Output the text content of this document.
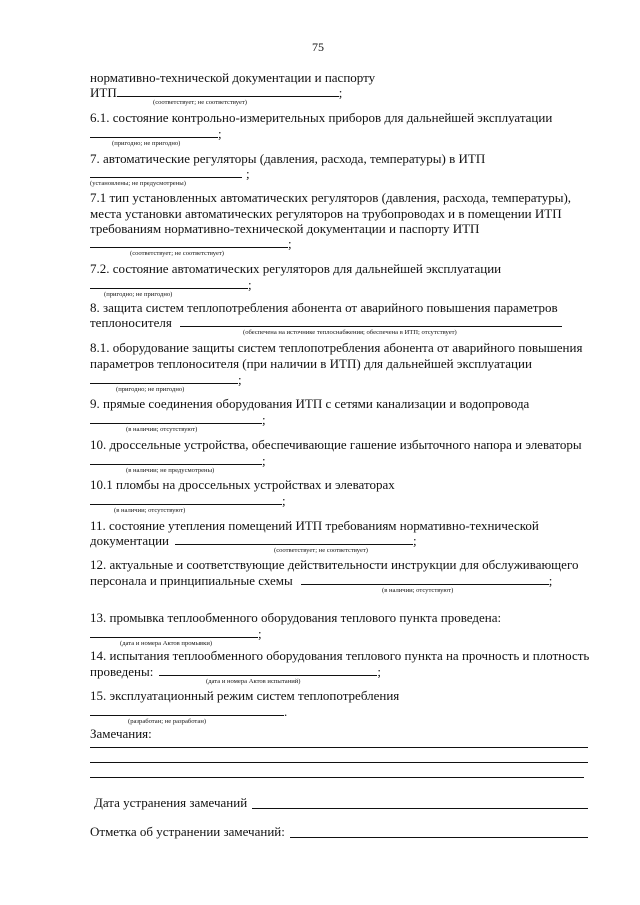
75
нормативно-технической документации и паспорту
ИТП	;
(соответствует; не соответствует)
6.1. состояние контрольно-измерительных приборов для дальнейшей эксплуатации
;
(пригодно; не пригодно)
7. автоматические регуляторы (давления, расхода, температуры) в ИТП
;
(установлены; не предусмотрены)
7.1 тип установленных автоматических регуляторов (давления, расхода, температуры),
места установки автоматических регуляторов на трубопроводах и в помещении ИТП
требованиям нормативно-технической документации и паспорту ИТП
;
(соответствует; не соответствует)
7.2. состояние автоматических регуляторов для дальнейшей эксплуатации
;
(пригодно; не пригодно)
8. защита систем теплопотребления абонента от аварийного повышения параметров
теплоносителя
(обеспечена на источнике теплоснабжения; обеспечена в ИТП; отсутствует)
8.1. оборудование защиты систем теплопотребления абонента от аварийного повышения
параметров теплоносителя (при наличии в ИТП) для дальнейшей эксплуатации
;
(пригодно; не пригодно)
9. прямые соединения оборудования ИТП с сетями канализации и водопровода
;
(в наличии; отсутствуют)
10. дроссельные устройства, обеспечивающие гашение избыточного напора и элеваторы
;
(в наличии; не предусмотрены)
10.1 пломбы на дроссельных устройствах и элеваторах
;
(в наличии; отсутствуют)
11. состояние утепления помещений ИТП требованиям нормативно-технической
документации	;
(соответствует; не соответствует)
12. актуальные и соответствующие действительности инструкции для обслуживающего
персонала и принципиальные схемы	;
(в наличии; отсутствуют)
13. промывка теплообменного оборудования теплового пункта проведена:
;
(дата и номера Актов промывки)
14. испытания теплообменного оборудования теплового пункта на прочность и плотность
проведены:	;
(дата и номера Актов испытаний)
15. эксплуатационный режим систем теплопотребления
.
(разработан; не разработан)
Замечания:
Дата устранения замечаний
Отметка об устранении замечаний:
